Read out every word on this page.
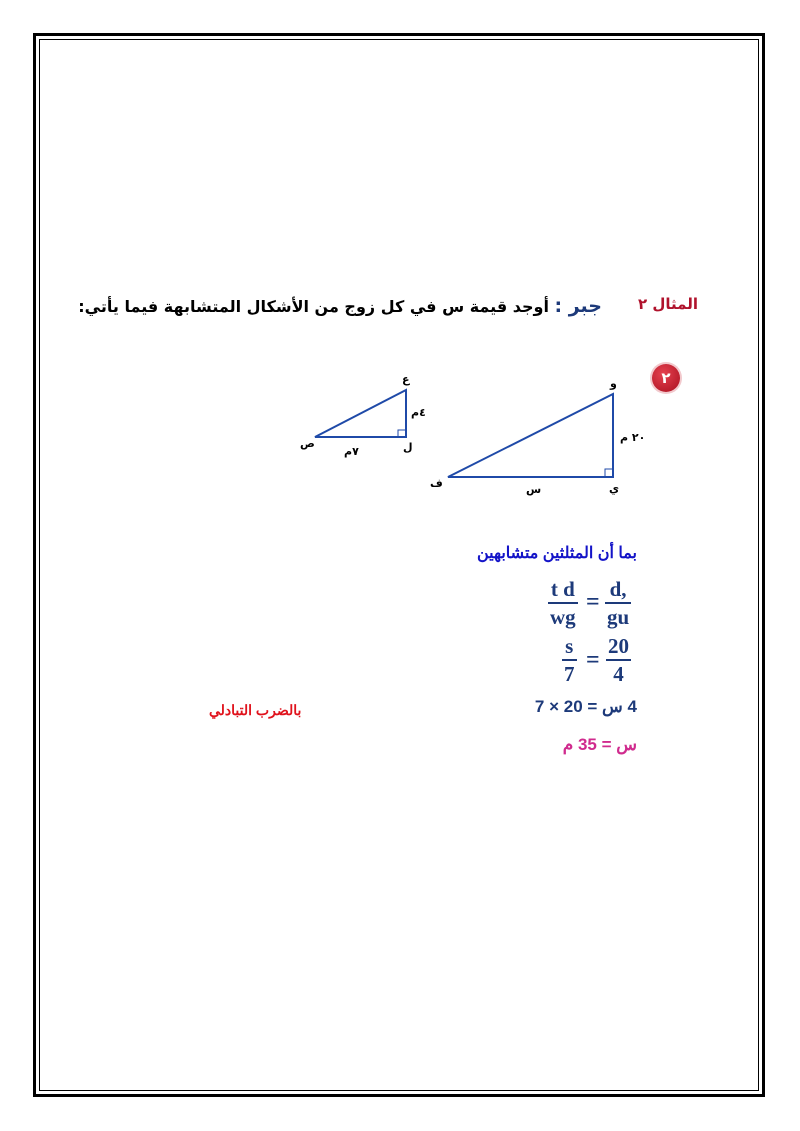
المثال ٢
جبر : أوجد قيمة س في كل زوج من الأشكال المتشابهة فيما يأتي:
٢
ع
ل
ص
٤م
٧م
و
ي
ف
٢٠ م
س
بما أن المثلثين متشابهين
t d
wg
= d,
gu
s
7
=
20
4
4 س = 20 × 7
بالضرب التبادلي
س = 35 م
